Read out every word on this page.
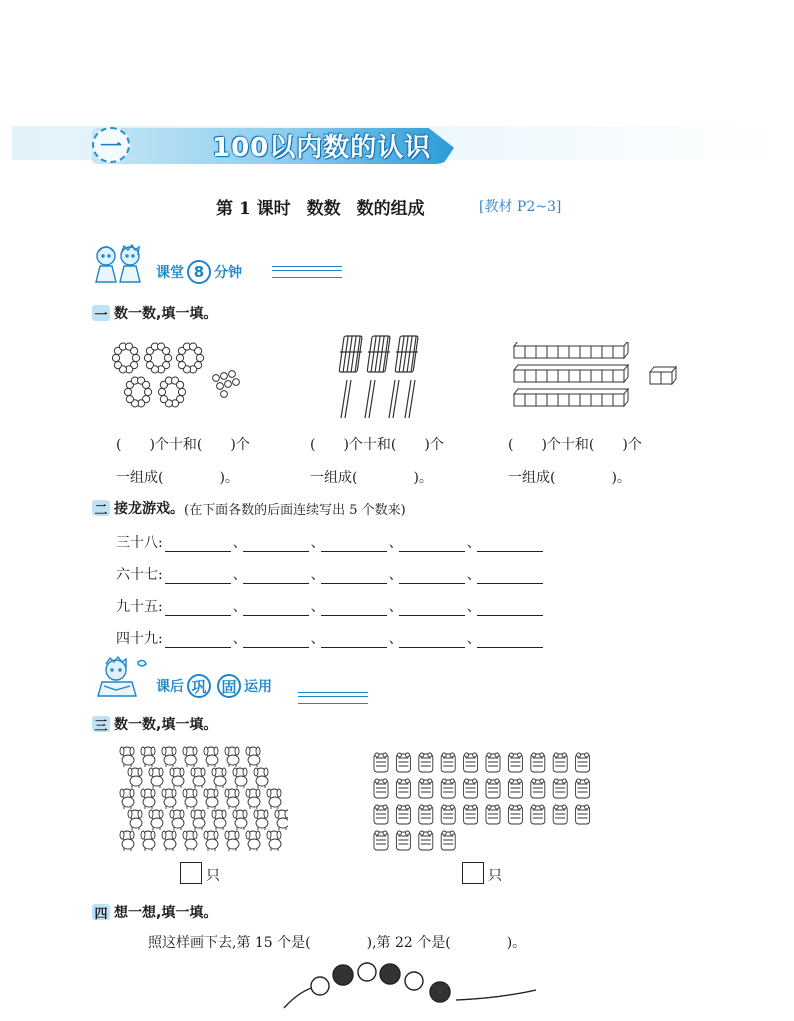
一	100以内数的认识
第 1 课时 数数 数的组成	[教材 P2~3]
课堂 8 分钟
一 数一数,填一填。
(　　)个十和(　　)个	(　　)个十和(　　)个	(　　)个十和(　　)个
一组成(　　　　)。	一组成(　　　　)。	一组成(　　　　)。
二 接龙游戏。 (在下面各数的后面连续写出 5 个数来)
三十八:	、	、	、	、
六十七:	、	、	、	、
九十五:	、	、	、	、
四十九:	、	、	、	、
课后 巩 固 运用
三 数一数,填一填。
只	只
四 想一想,填一填。
照这样画下去,第 15 个是(　　　　),第 22 个是(　　　　)。
